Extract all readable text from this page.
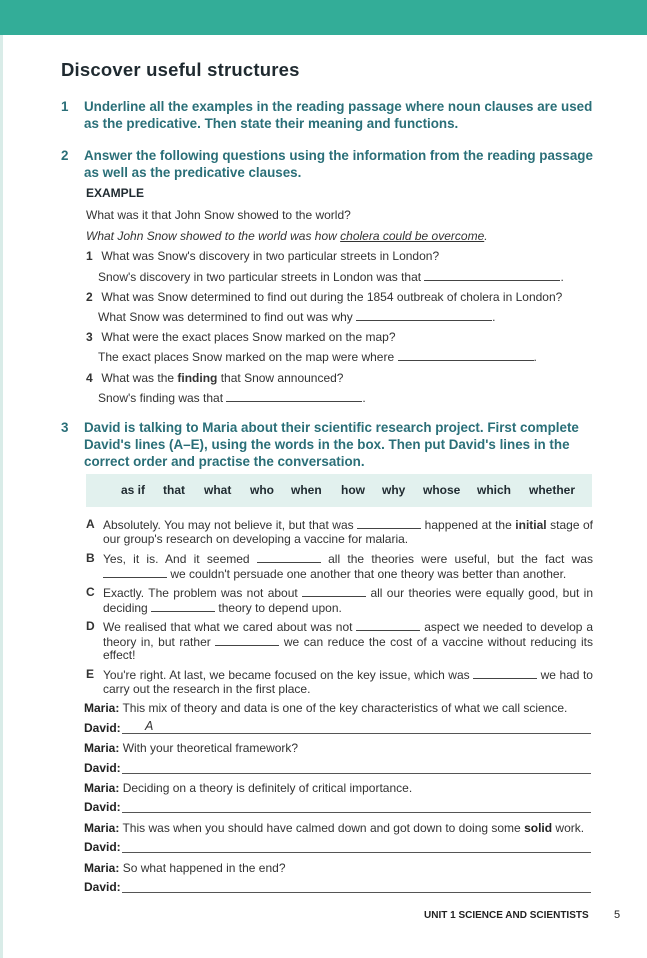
Discover useful structures
1	Underline all the examples in the reading passage where noun clauses are used as the predicative. Then state their meaning and functions.
2	Answer the following questions using the information from the reading passage as well as the predicative clauses.
EXAMPLE
What was it that John Snow showed to the world?
What John Snow showed to the world was how cholera could be overcome.
1 What was Snow's discovery in two particular streets in London?
Snow's discovery in two particular streets in London was that	.
2 What was Snow determined to find out during the 1854 outbreak of cholera in London?
What Snow was determined to find out was why	.
3 What were the exact places Snow marked on the map?
The exact places Snow marked on the map were where	.
4 What was the finding that Snow announced?
Snow's finding was that	.
3	David is talking to Maria about their scientific research project. First complete David's lines (A–E), using the words in the box. Then put David's lines in the correct order and practise the conversation.
as if that what who when how why whose which whether
A Absolutely. You may not believe it, but that was	happened at the initial stage of our group's research on developing a vaccine for malaria.
B Yes, it is. And it seemed	all the theories were useful, but the fact was  we couldn't persuade one another that one theory was better than another.
C Exactly. The problem was not about	all our theories were equally good, but in deciding	theory to depend upon.
D We realised that what we cared about was not	aspect we needed to develop a theory in, but rather	we can reduce the cost of a vaccine without reducing its effect!
E You're right. At last, we became focused on the key issue, which was	we had to carry out the research in the first place.
Maria: This mix of theory and data is one of the key characteristics of what we call science.
David: A
Maria: With your theoretical framework?
David:
Maria: Deciding on a theory is definitely of critical importance.
David:
Maria: This was when you should have calmed down and got down to doing some solid work.
David:
Maria: So what happened in the end?
David:
UNIT 1 SCIENCE AND SCIENTISTS 5
